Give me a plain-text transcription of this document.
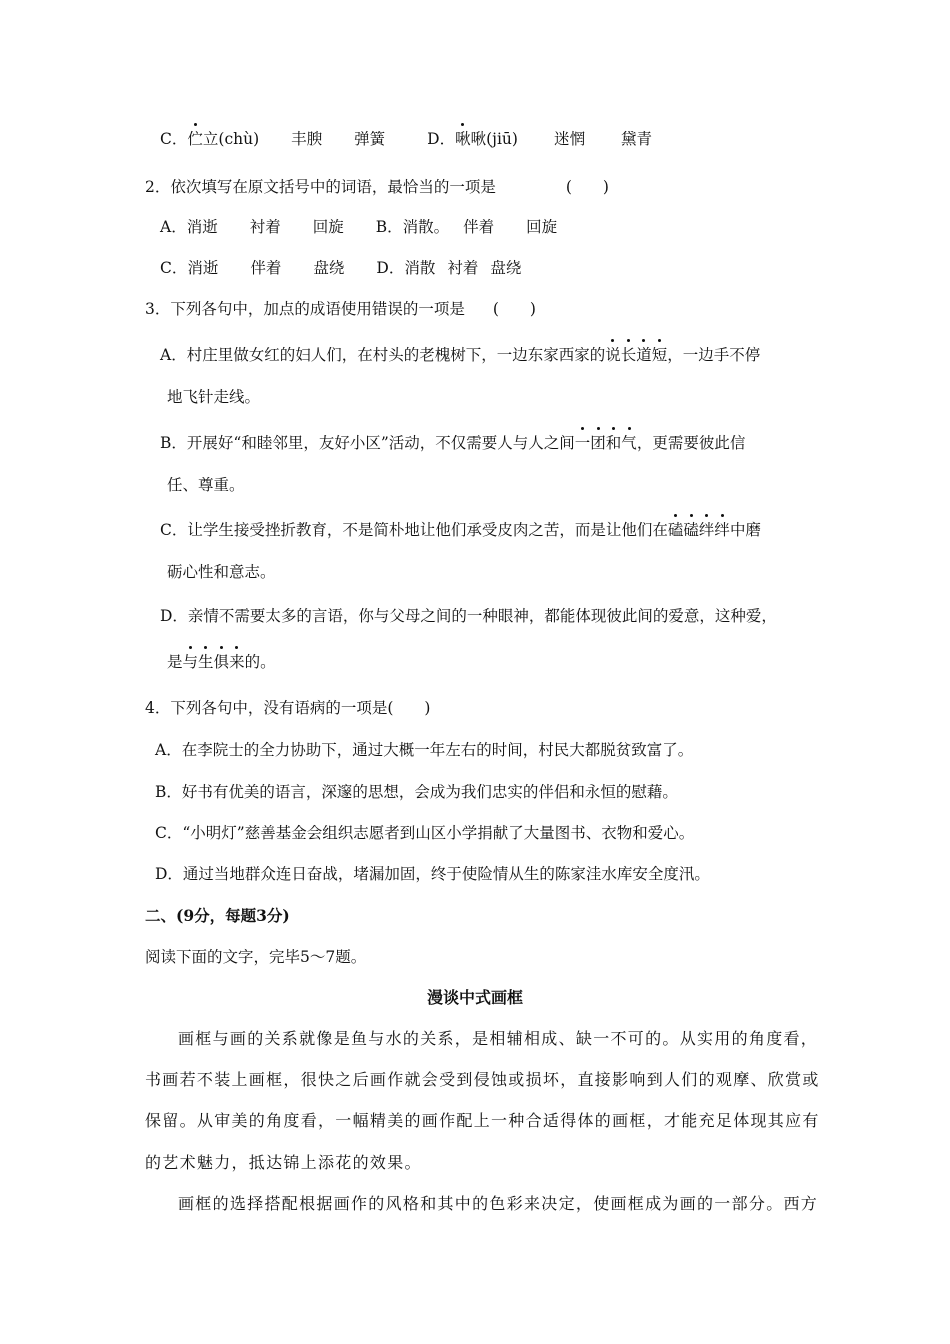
C．伫立(chù) 丰腴 弹簧	D．啾啾(jiū) 迷惘 黛青
2．依次填写在原文括号中的词语，最恰当的一项是	(　　)
A．消逝 衬着 回旋 B．消散。 伴着 回旋
C．消逝 伴着 盘绕 D．消散 衬着 盘绕
3．下列各句中，加点的成语使用错误的一项是 (　　)
A．村庄里做女红的妇人们，在村头的老槐树下，一边东家西家的说长道短，一边手不停
地飞针走线。
B．开展好“和睦邻里，友好小区”活动，不仅需要人与人之间一团和气，更需要彼此信
任、尊重。
C．让学生接受挫折教育，不是简朴地让他们承受皮肉之苦，而是让他们在磕磕绊绊中磨
砺心性和意志。
D．亲情不需要太多的言语，你与父母之间的一种眼神，都能体现彼此间的爱意，这种爱，
是与生俱来的。
4．下列各句中，没有语病的一项是(　　)
A．在李院士的全力协助下，通过大概一年左右的时间，村民大都脱贫致富了。
B．好书有优美的语言，深邃的思想，会成为我们忠实的伴侣和永恒的慰藉。
C．“小明灯”慈善基金会组织志愿者到山区小学捐献了大量图书、衣物和爱心。
D．通过当地群众连日奋战，堵漏加固，终于使险情从生的陈家洼水库安全度汛。
二、(9分，每题3分)
阅读下面的文字，完毕5～7题。
漫谈中式画框
画框与画的关系就像是鱼与水的关系，是相辅相成、缺一不可的。从实用的角度看，
书画若不装上画框，很快之后画作就会受到侵蚀或损坏，直接影响到人们的观摩、欣赏或
保留。从审美的角度看，一幅精美的画作配上一种合适得体的画框，才能充足体现其应有
的艺术魅力，抵达锦上添花的效果。
画框的选择搭配根据画作的风格和其中的色彩来决定，使画框成为画的一部分。西方
